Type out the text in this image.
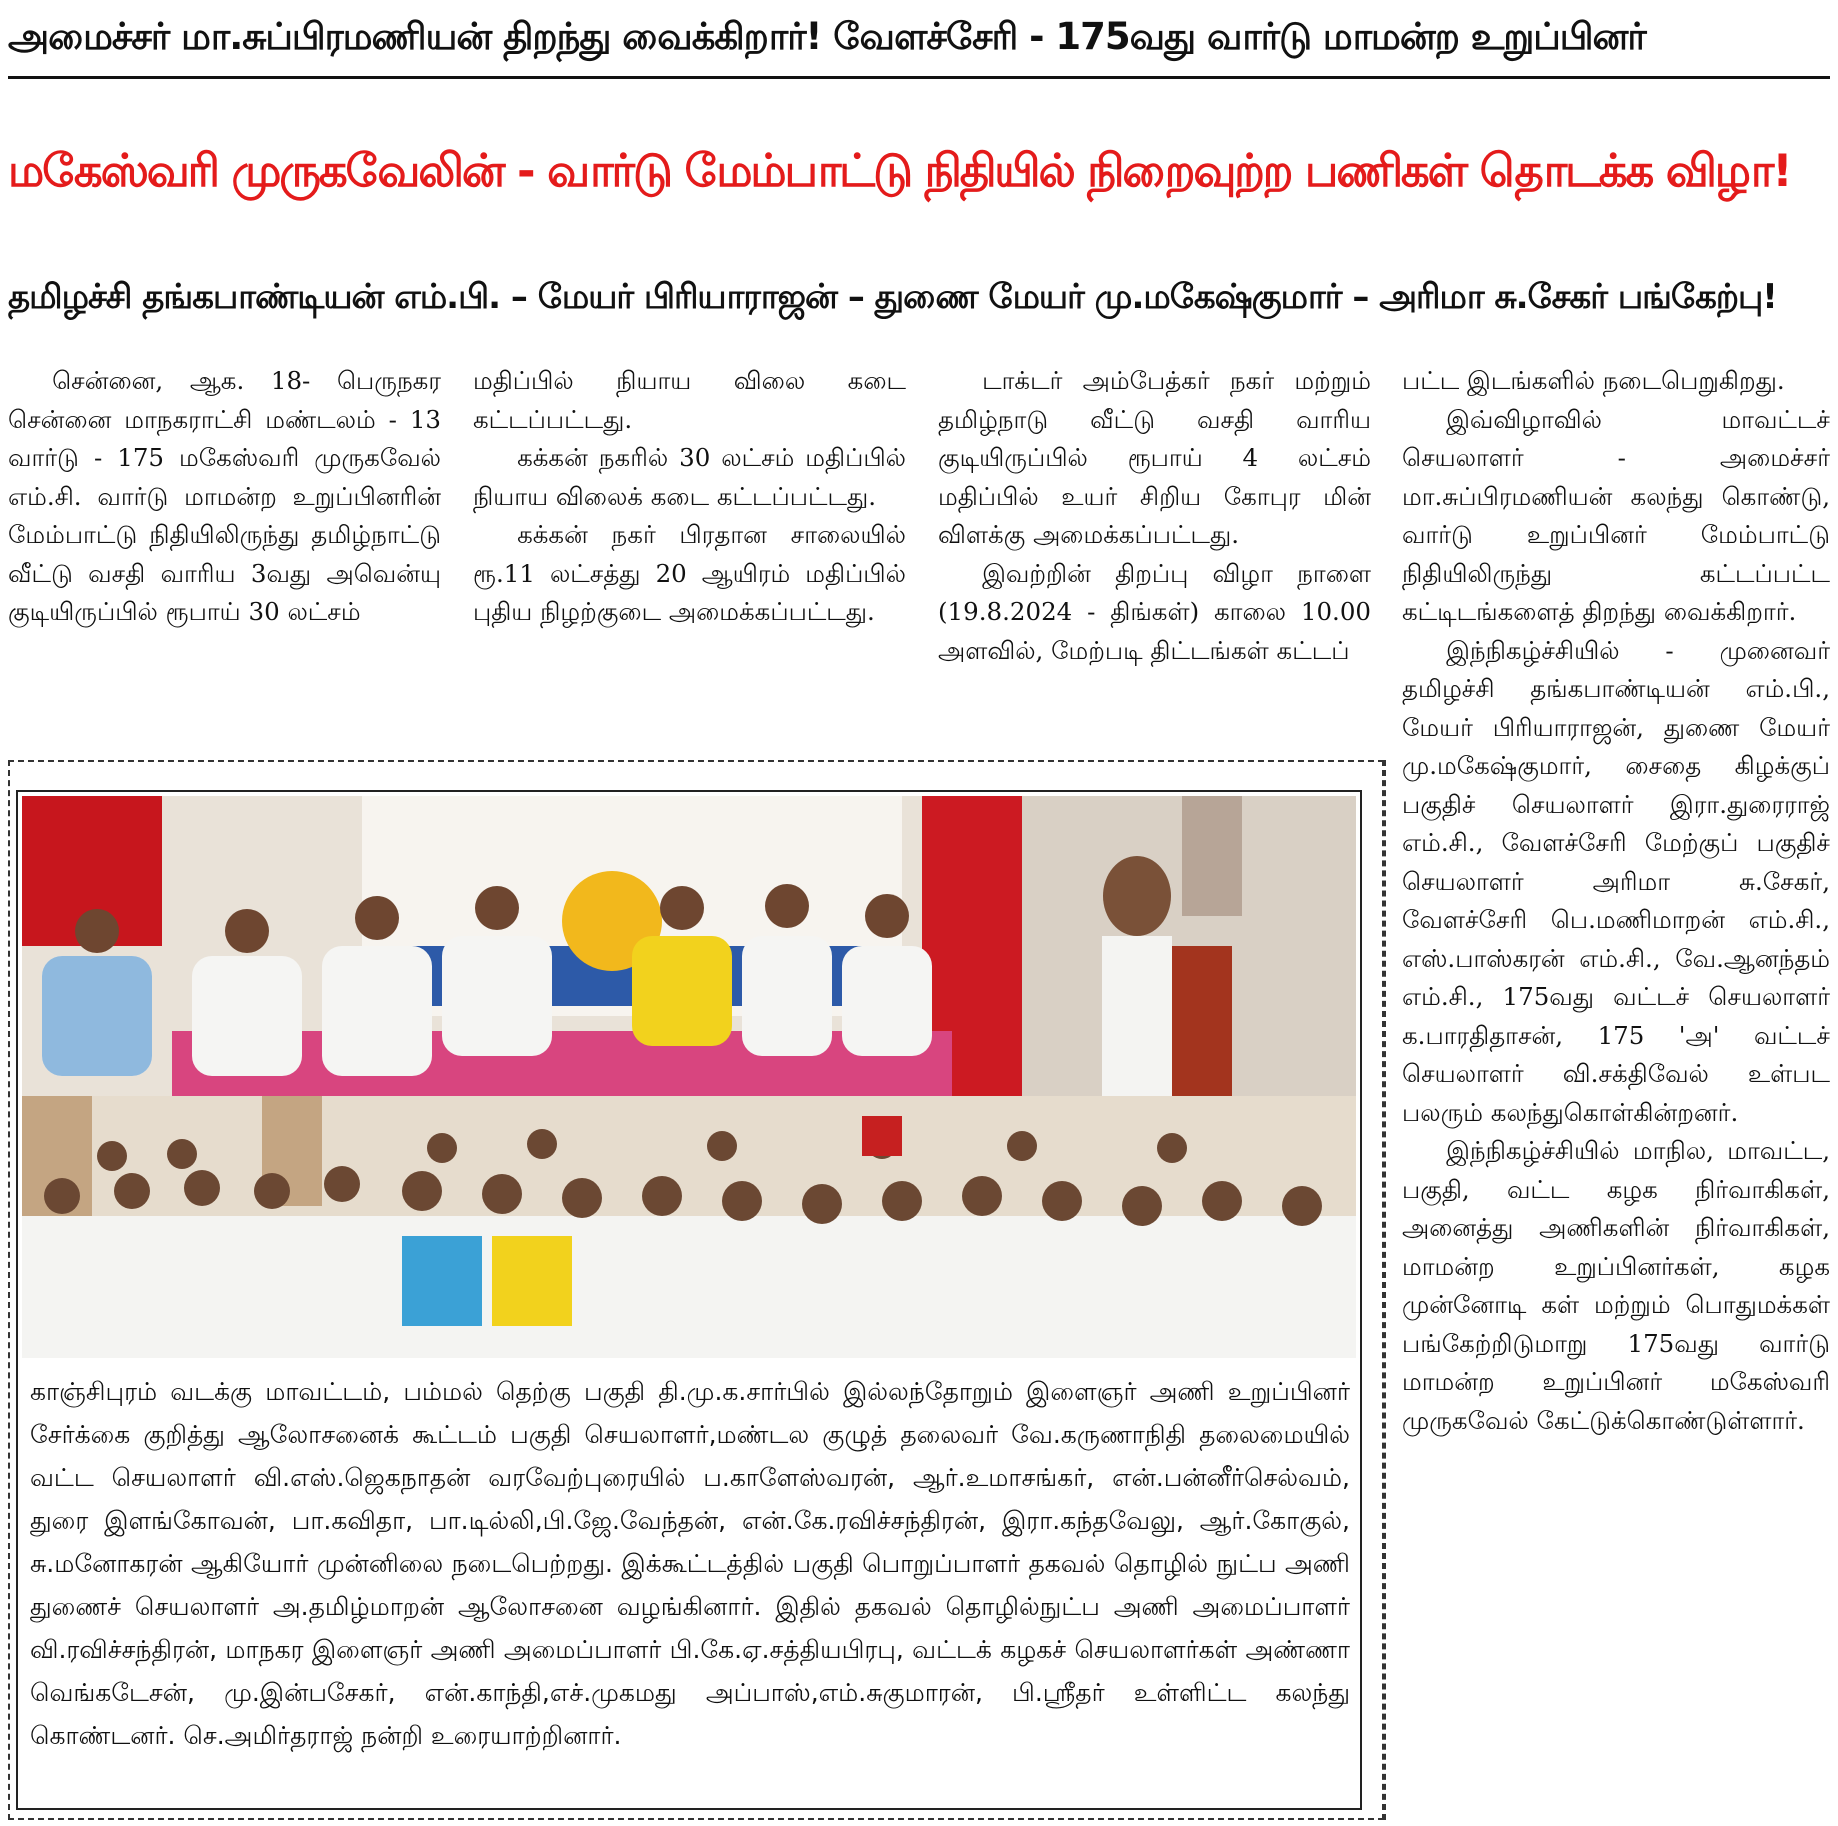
அமைச்சர் மா.சுப்பிரமணியன் திறந்து வைக்கிறார்! வேளச்சேரி - 175வது வார்டு மாமன்ற உறுப்பினர்
மகேஸ்வரி முருகவேலின் - வார்டு மேம்பாட்டு நிதியில் நிறைவுற்ற பணிகள் தொடக்க விழா!
தமிழச்சி தங்கபாண்டியன் எம்.பி. – மேயர் பிரியாராஜன் – துணை மேயர் மு.மகேஷ்குமார் – அரிமா சு.சேகர் பங்கேற்பு!

சென்னை, ஆக. 18- பெருநகர சென்னை மாநகராட்சி மண்டலம் - 13 வார்டு - 175 மகேஸ்வரி முருகவேல் எம்.சி. வார்டு மாமன்ற உறுப்பினரின் மேம்பாட்டு நிதியிலிருந்து தமிழ்நாட்டு வீட்டு வசதி வாரிய 3வது அவென்யு குடியிருப்பில் ரூபாய் 30 லட்சம்

மதிப்பில் நியாய விலை கடை கட்டப்பட்டது.

கக்கன் நகரில் 30 லட்சம் மதிப்பில் நியாய விலைக் கடை கட்டப்பட்டது.

கக்கன் நகர் பிரதான சாலையில் ரூ.11 லட்சத்து 20 ஆயிரம் மதிப்பில் புதிய நிழற்குடை அமைக்கப்பட்டது.

டாக்டர் அம்பேத்கர் நகர் மற்றும் தமிழ்நாடு வீட்டு வசதி வாரிய குடியிருப்பில் ரூபாய் 4 லட்சம் மதிப்பில் உயர் சிறிய கோபுர மின் விளக்கு அமைக்கப்பட்டது.

இவற்றின் திறப்பு விழா நாளை (19.8.2024 - திங்கள்) காலை 10.00 அளவில், மேற்படி திட்டங்கள் கட்டப்

பட்ட இடங்களில் நடைபெறுகிறது.

இவ்விழாவில் மாவட்டச் செயலாளர் - அமைச்சர் மா.சுப்பிரமணியன் கலந்து கொண்டு, வார்டு உறுப்பினர் மேம்பாட்டு நிதியிலிருந்து கட்டப்பட்ட கட்டிடங்களைத் திறந்து வைக்கிறார்.

இந்நிகழ்ச்சியில் - முனைவர் தமிழச்சி தங்கபாண்டியன் எம்.பி., மேயர் பிரியாராஜன், துணை மேயர் மு.மகேஷ்குமார், சைதை கிழக்குப் பகுதிச் செயலாளர் இரா.துரைராஜ் எம்.சி., வேளச்சேரி மேற்குப் பகுதிச் செயலாளர் அரிமா சு.சேகர், வேளச்சேரி பெ.மணிமாறன் எம்.சி., எஸ்.பாஸ்கரன் எம்.சி., வே.ஆனந்தம் எம்.சி., 175வது வட்டச் செயலாளர் க.பாரதிதாசன், 175 'அ' வட்டச் செயலாளர் வி.சக்திவேல் உள்பட பலரும் கலந்துகொள்கின்றனர்.

இந்நிகழ்ச்சியில் மாநில, மாவட்ட, பகுதி, வட்ட கழக நிர்வாகிகள், அனைத்து அணிகளின் நிர்வாகிகள், மாமன்ற உறுப்பினர்கள், கழக முன்னோடி கள் மற்றும் பொதுமக்கள் பங்கேற்றிடுமாறு 175வது வார்டு மாமன்ற உறுப்பினர் மகேஸ்வரி முருகவேல் கேட்டுக்கொண்டுள்ளார்.

காஞ்சிபுரம் வடக்கு மாவட்டம், பம்மல் தெற்கு பகுதி தி.மு.க.சார்பில் இல்லந்தோறும் இளைஞர் அணி உறுப்பினர் சேர்க்கை குறித்து ஆலோசனைக் கூட்டம் பகுதி செயலாளர்,மண்டல குழுத் தலைவர் வே.கருணாநிதி தலைமையில் வட்ட செயலாளர் வி.எஸ்.ஜெகநாதன் வரவேற்புரையில் ப.காளேஸ்வரன், ஆர்.உமாசங்கர், என்.பன்னீர்செல்வம், துரை இளங்கோவன், பா.கவிதா, பா.டில்லி,பி.ஜே.வேந்தன், என்.கே.ரவிச்சந்திரன், இரா.கந்தவேலு, ஆர்.கோகுல், சு.மனோகரன் ஆகியோர் முன்னிலை நடைபெற்றது. இக்கூட்டத்தில் பகுதி பொறுப்பாளர் தகவல் தொழில் நுட்ப அணி துணைச் செயலாளர் அ.தமிழ்மாறன் ஆலோசனை வழங்கினார். இதில் தகவல் தொழில்நுட்ப அணி அமைப்பாளர் வி.ரவிச்சந்திரன், மாநகர இளைஞர் அணி அமைப்பாளர் பி.கே.ஏ.சத்தியபிரபு, வட்டக் கழகச் செயலாளர்கள் அண்ணா வெங்கடேசன், மு.இன்பசேகர், என்.காந்தி,எச்.முகமது அப்பாஸ்,எம்.சுகுமாரன், பி.ஸ்ரீதர் உள்ளிட்ட கலந்து கொண்டனர். செ.அமிர்தராஜ் நன்றி உரையாற்றினார்.
